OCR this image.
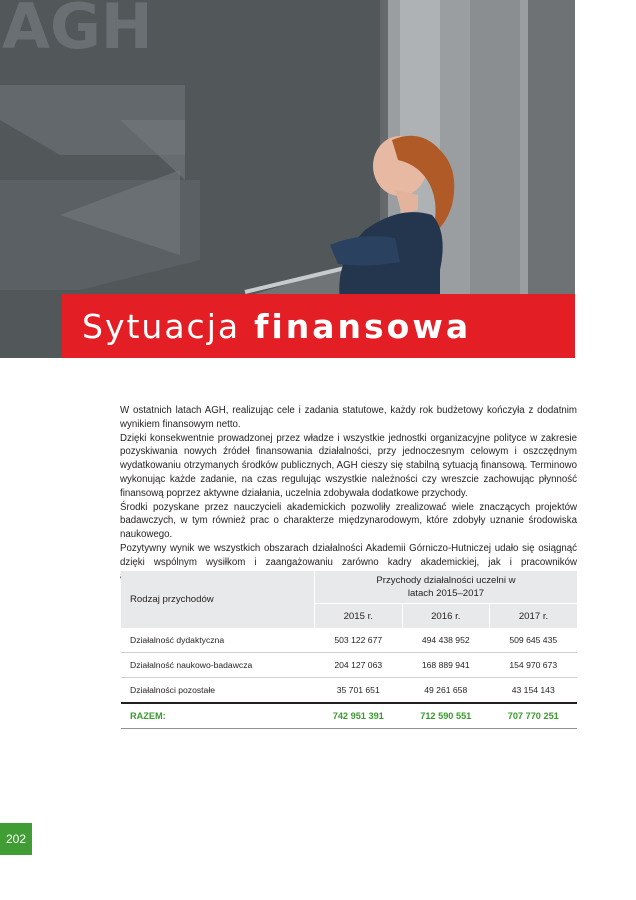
AGH
Sytuacja finansowa

W ostatnich latach AGH, realizując cele i zadania statutowe, każdy rok budżetowy kończyła z dodatnim wynikiem finansowym netto.

Dzięki konsekwentnie prowadzonej przez władze i wszystkie jednostki organizacyjne polityce w zakresie pozyskiwania nowych źródeł finansowania działalności, przy jednoczesnym celowym i oszczędnym wydatkowaniu otrzymanych środków publicznych, AGH cieszy się stabilną sytuacją finansową. Terminowo wykonując każde zadanie, na czas regulując wszystkie należności czy wreszcie zachowując płynność finansową poprzez aktywne działania, uczelnia zdobywała dodatkowe przychody.

Środki pozyskane przez nauczycieli akademickich pozwoliły zrealizować wiele znaczących projektów badawczych, w tym również prac o charakterze międzynarodowym, które zdobyły uznanie środowiska naukowego.

Pozytywny wynik we wszystkich obszarach działalności Akademii Górniczo-Hutniczej udało się osiągnąć dzięki wspólnym wysiłkom i zaangażowaniu zarówno kadry akademickiej, jak i pracowników

Rodzaj przychodów	Przychody działalności uczelni w latach 2015–2017		

	2015 r.	2016 r.	2017 r.
Działalność dydaktyczna	503 122 677	494 438 952	509 645 435
Działalność naukowo-badawcza	204 127 063	168 889 941	154 970 673
Działalności pozostałe	35 701 651	49 261 658	43 154 143
RAZEM:	742 951 391	712 590 551	707 770 251
202
